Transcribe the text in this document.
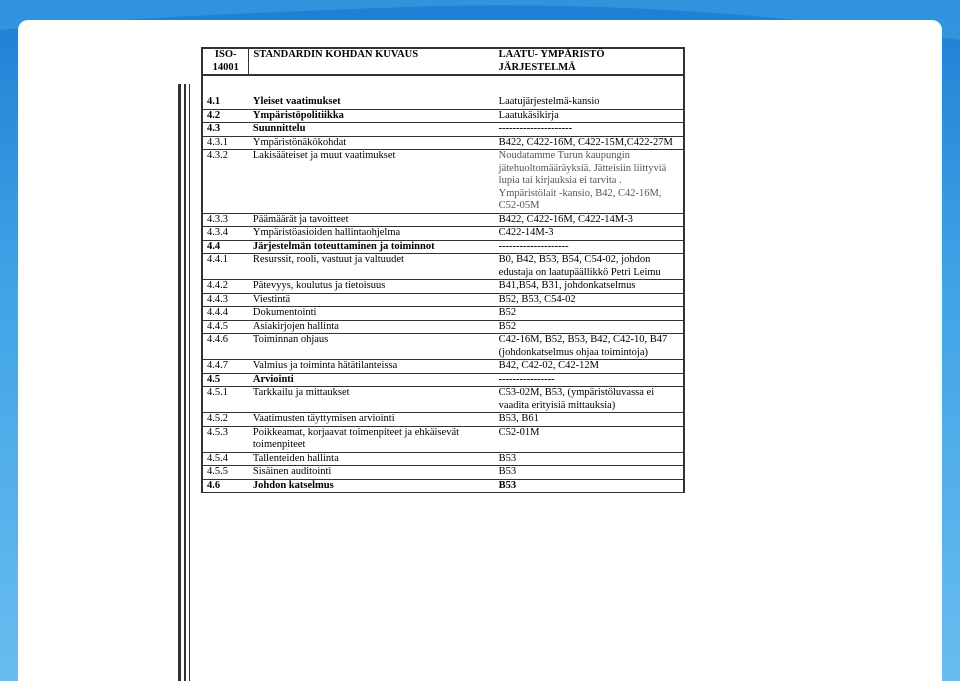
ISO-14001	STANDARDIN KOHDAN KUVAUS	LAATU- YMPÄRISTÖ JÄRJESTELMÄ

4.1	Yleiset vaatimukset	Laatujärjestelmä-kansio
4.2	Ympäristöpolitiikka	Laatukäsikirja
4.3	Suunnittelu	---------------------
4.3.1	Ympäristönäkökohdat	B422, C422-16M, C422-15M,C422-27M
4.3.2	Lakisääteiset ja muut vaatimukset	Noudatamme Turun kaupungin jätehuoltomääräyksiä. Jätteisiin liittyviä lupia tai kirjauksia ei tarvita . Ympäristölait -kansio, B42, C42-16M, C52-05M
4.3.3	Päämäärät ja tavoitteet	B422, C422-16M, C422-14M-3
4.3.4	Ympäristöasioiden hallintaohjelma	C422-14M-3
4.4	Järjestelmän toteuttaminen ja toiminnot	--------------------
4.4.1	Resurssit, rooli, vastuut ja valtuudet	B0, B42, B53, B54, C54-02, johdon edustaja on laatupäällikkö Petri Leimu
4.4.2	Pätevyys, koulutus ja tietoisuus	B41,B54, B31, johdonkatselmus
4.4.3	Viestintä	B52, B53, C54-02
4.4.4	Dokumentointi	B52
4.4.5	Asiakirjojen hallinta	B52
4.4.6	Toiminnan ohjaus	C42-16M, B52, B53, B42, C42-10, B47 (johdonkatselmus ohjaa toimintoja)
4.4.7	Valmius ja toiminta hätätilanteissa	B42, C42-02, C42-12M
4.5	Arviointi	----------------
4.5.1	Tarkkailu ja mittaukset	C53-02M, B53, (ympäristöluvassa ei vaadita erityisiä mittauksia)
4.5.2	Vaatimusten täyttymisen arviointi	B53, B61
4.5.3	Poikkeamat, korjaavat toimenpiteet ja ehkäisevät toimenpiteet	C52-01M
4.5.4	Tallenteiden hallinta	B53
4.5.5	Sisäinen auditointi	B53
4.6	Johdon katselmus	B53
